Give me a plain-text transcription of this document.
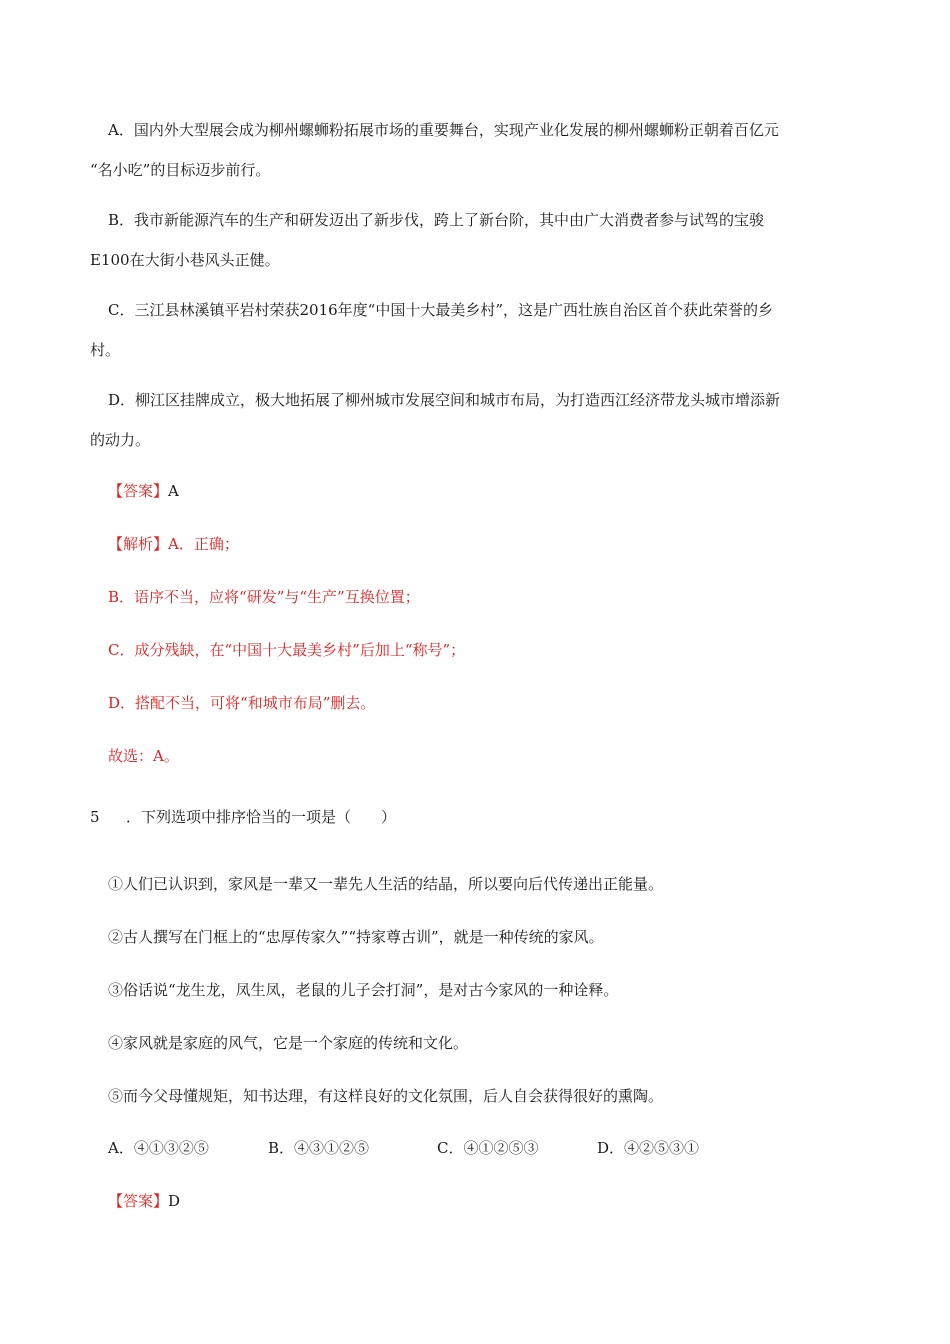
A．国内外大型展会成为柳州螺蛳粉拓展市场的重要舞台，实现产业化发展的柳州螺蛳粉正朝着百亿元
“名小吃”的目标迈步前行。
B．我市新能源汽车的生产和研发迈出了新步伐，跨上了新台阶，其中由广大消费者参与试驾的宝骏
E100在大街小巷风头正健。
C．三江县林溪镇平岩村荣获2016年度“中国十大最美乡村”，这是广西壮族自治区首个获此荣誉的乡
村。
D．柳江区挂牌成立，极大地拓展了柳州城市发展空间和城市布局，为打造西江经济带龙头城市增添新
的动力。
【答案】A
【解析】A．正确；
B．语序不当，应将“研发”与“生产”互换位置；
C．成分残缺，在“中国十大最美乡村”后加上“称号”；
D．搭配不当，可将“和城市布局”删去。
故选：A。
5 ．下列选项中排序恰当的一项是（　　）
①人们已认识到，家风是一辈又一辈先人生活的结晶，所以要向后代传递出正能量。
②古人撰写在门框上的“忠厚传家久”“持家尊古训”，就是一种传统的家风。
③俗话说“龙生龙，凤生凤，老鼠的儿子会打洞”，是对古今家风的一种诠释。
④家风就是家庭的风气，它是一个家庭的传统和文化。
⑤而今父母懂规矩，知书达理，有这样良好的文化氛围，后人自会获得很好的熏陶。
A．④①③②⑤	B．④③①②⑤	C．④①②⑤③	D．④②⑤③①
【答案】D
